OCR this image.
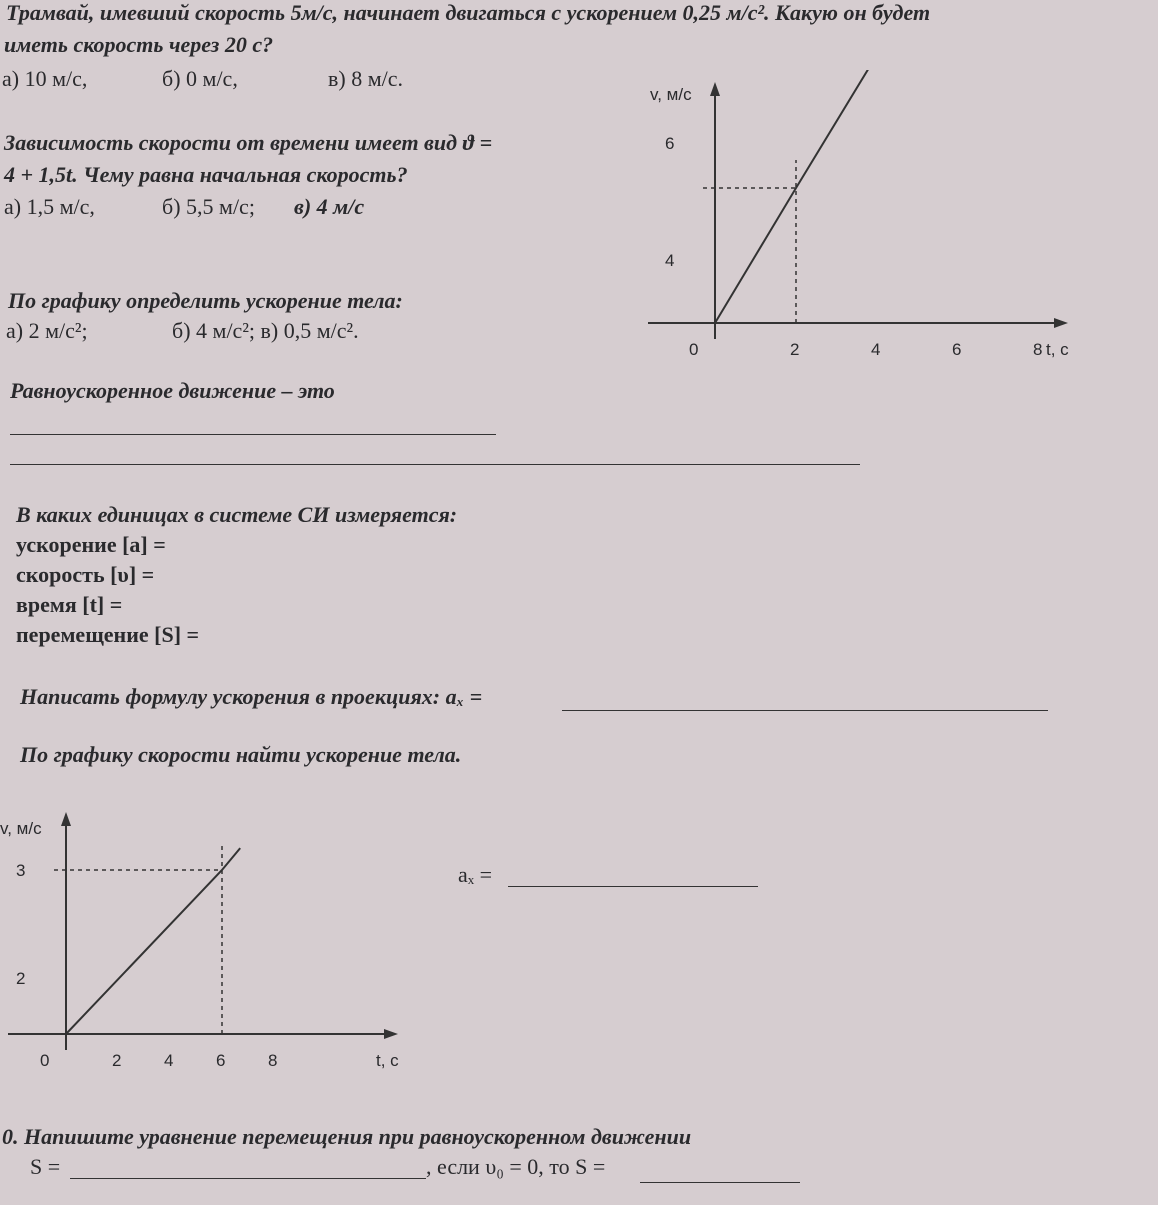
Трамвай, имевший скорость 5м/с, начинает двигаться с ускорением 0,25 м/с². Какую он будет
иметь скорость через 20 с?
а) 10 м/с,	б) 0 м/с,	в) 8 м/с.
Зависимость скорости от времени имеет вид ϑ =
4 + 1,5t. Чему равна начальная скорость?
а) 1,5 м/с,	б) 5,5 м/с; в) 4 м/с
По графику определить ускорение тела:
а) 2 м/с²;	б) 4 м/с²; в) 0,5 м/с².
Равноускоренное движение – это
В каких единицах в системе СИ измеряется:
ускорение [a] =
скорость [υ] =
время [t] =
перемещение [S] =
Написать формулу ускорения в проекциях: aₓ =
По графику скорости найти ускорение тела.
aₓ =
0. Напишите уравнение перемещения при равноускоренном движении
S =	, если υ₀ = 0, то S =
0	2	4	6	8 t, c
4
6
v, м/с
0	2	4	6	8	t, c
2
3
v, м/с
